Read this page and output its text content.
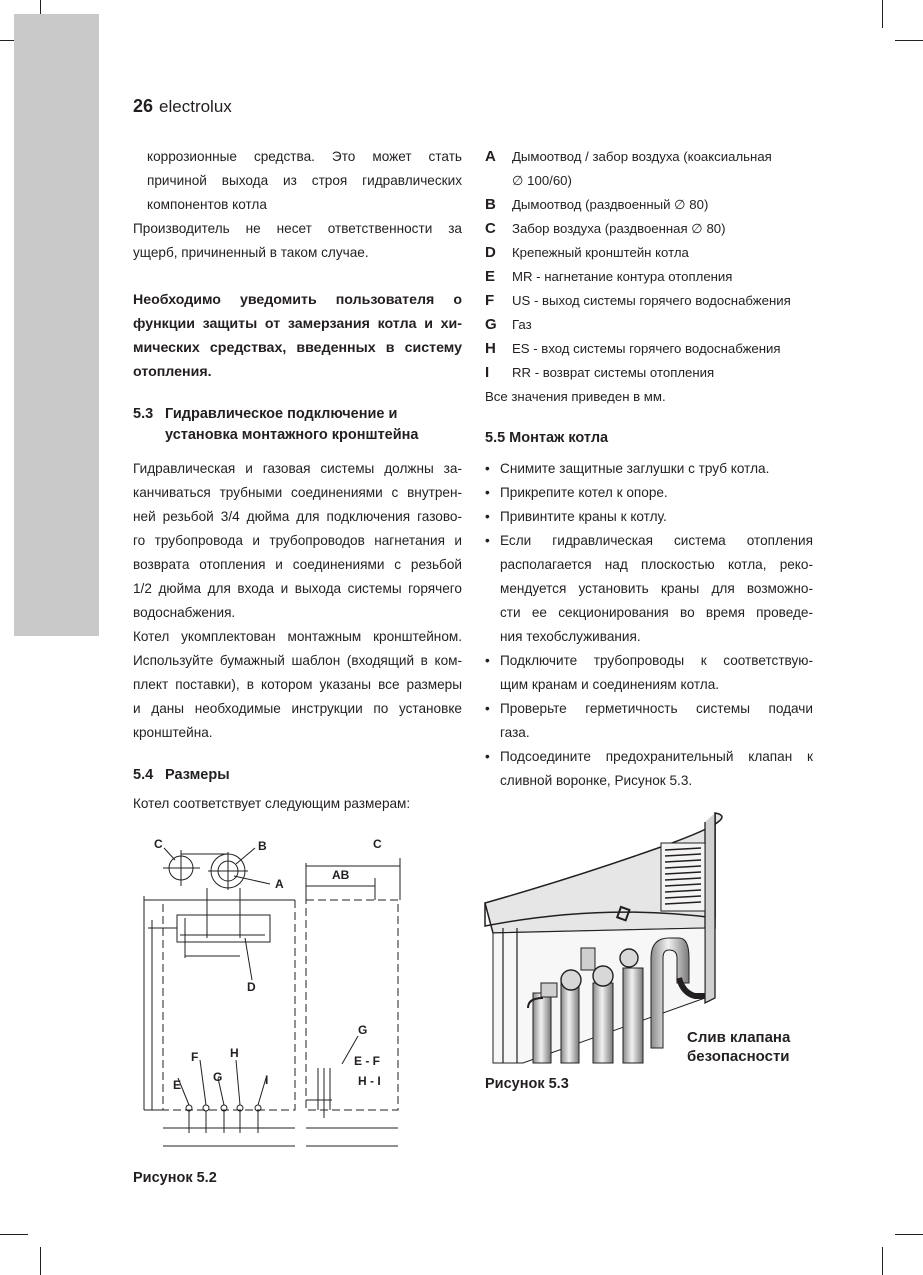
26 electrolux
коррозионные средства. Это может стать
причиной выхода из строя гидравлических
компонентов котла
Производитель не несет ответственности за
ущерб, причиненный в таком случае.
Необходимо уведомить пользователя о
функции защиты от замерзания котла и хи-
мических средствах, введенных в систему
отопления.
5.3 Гидравлическое подключение и
установка монтажного кронштейна
Гидравлическая и газовая системы должны за-
канчиваться трубными соединениями с внутрен-
ней резьбой 3/4 дюйма для подключения газово-
го трубопровода и трубопроводов нагнетания и
возврата отопления и соединениями с резьбой
1/2 дюйма для входа и выхода системы горячего
водоснабжения.
Котел укомплектован монтажным кронштейном.
Используйте бумажный шаблон (входящий в ком-
плект поставки), в котором указаны все размеры
и даны необходимые инструкции по установке
кронштейна.
5.4 Размеры
Котел соответствует следующим размерам:
C	B
A
D
F	H
E
G	I
C
AB
G
E - F
H - I
Рисунок 5.2
A Дымоотвод / забор воздуха (коаксиальная
∅ 100/60)
B Дымоотвод (раздвоенный ∅ 80)
C Забор воздуха (раздвоенная ∅ 80)
D Крепежный кронштейн котла
E MR - нагнетание контура отопления
F US - выход системы горячего водоснабжения
G Газ
H ES - вход системы горячего водоснабжения
I RR - возврат системы отопления
Все значения приведен в мм.
5.5 Монтаж котла
• Снимите защитные заглушки с труб котла.
• Прикрепите котел к опоре.
• Привинтите краны к котлу.
• Если гидравлическая система отопления
располагается над плоскостью котла, реко-
мендуется установить краны для возможно-
сти ее секционирования во время проведе-
ния техобслуживания.
• Подключите трубопроводы к соответствую-
щим кранам и соединениям котла.
• Проверьте герметичность системы подачи
газа.
• Подсоедините предохранительный клапан к
сливной воронке, Рисунок 5.3.
Слив клапана
безопасности
Рисунок 5.3
